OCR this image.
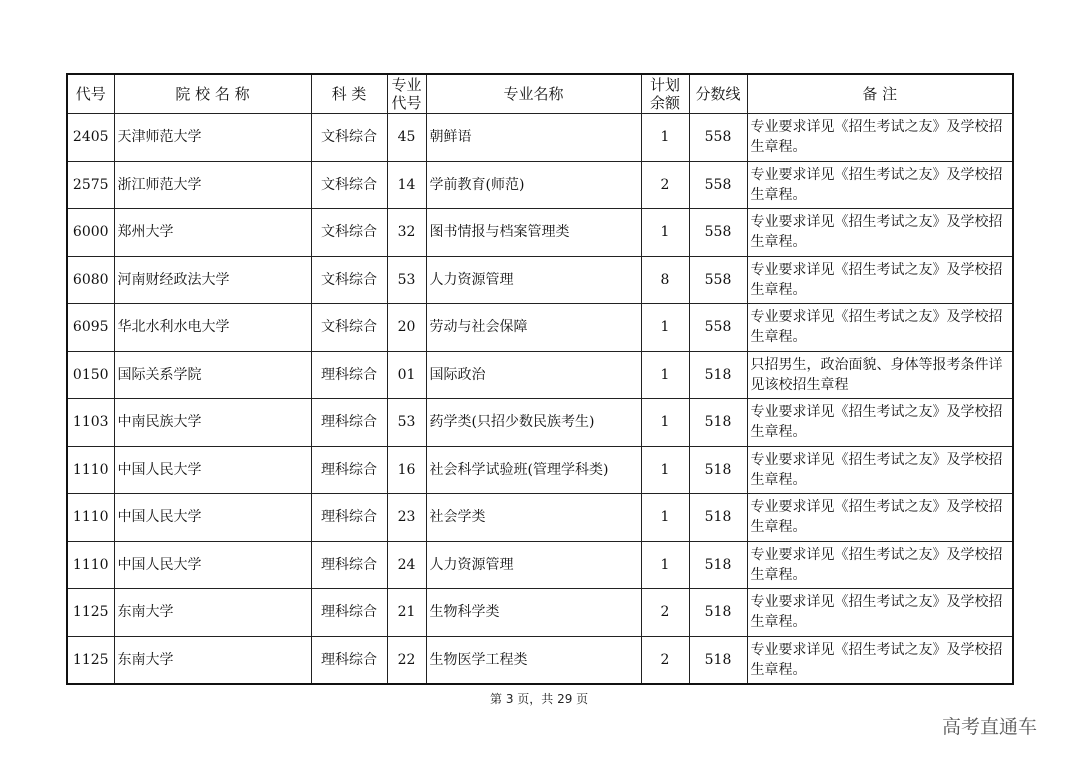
代号	院 校 名 称	科 类	专业代号	专业名称	计划余额	分数线	备 注
2405	天津师范大学	文科综合	45	朝鲜语	1	558	专业要求详见《招生考试之友》及学校招生章程。
2575	浙江师范大学	文科综合	14	学前教育(师范)	2	558	专业要求详见《招生考试之友》及学校招生章程。
6000	郑州大学	文科综合	32	图书情报与档案管理类	1	558	专业要求详见《招生考试之友》及学校招生章程。
6080	河南财经政法大学	文科综合	53	人力资源管理	8	558	专业要求详见《招生考试之友》及学校招生章程。
6095	华北水利水电大学	文科综合	20	劳动与社会保障	1	558	专业要求详见《招生考试之友》及学校招生章程。
0150	国际关系学院	理科综合	01	国际政治	1	518	只招男生，政治面貌、身体等报考条件详见该校招生章程
1103	中南民族大学	理科综合	53	药学类(只招少数民族考生)	1	518	专业要求详见《招生考试之友》及学校招生章程。
1110	中国人民大学	理科综合	16	社会科学试验班(管理学科类)	1	518	专业要求详见《招生考试之友》及学校招生章程。
1110	中国人民大学	理科综合	23	社会学类	1	518	专业要求详见《招生考试之友》及学校招生章程。
1110	中国人民大学	理科综合	24	人力资源管理	1	518	专业要求详见《招生考试之友》及学校招生章程。
1125	东南大学	理科综合	21	生物科学类	2	518	专业要求详见《招生考试之友》及学校招生章程。
1125	东南大学	理科综合	22	生物医学工程类	2	518	专业要求详见《招生考试之友》及学校招生章程。
第 3 页，共 29 页
高考直通车
